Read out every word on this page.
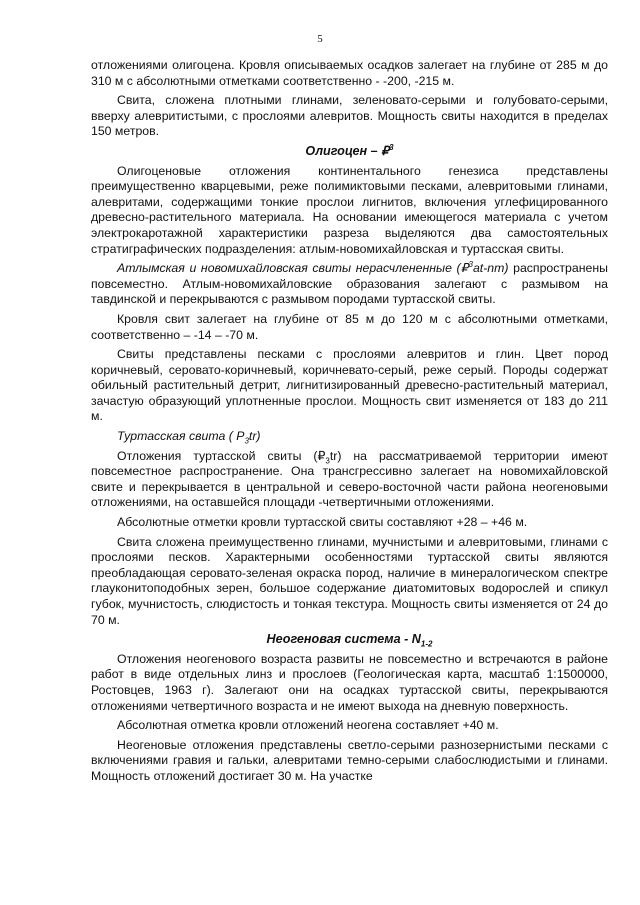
5

отложениями олигоцена. Кровля описываемых осадков залегает на глубине от 285 м до 310 м с абсолютными отметками соответственно - -200, -215 м.

Свита, сложена плотными глинами, зеленовато-серыми и голубовато-серыми, вверху алевритистыми, с прослоями алевритов. Мощность свиты находится в пределах 150 метров.

Олигоцен – ₽$^3$

Олигоценовые отложения континентального генезиса представлены преимущественно кварцевыми, реже полимиктовыми песками, алевритовыми глинами, алевритами, содержащими тонкие прослои лигнитов, включения углефицированного древесно-растительного материала. На основании имеющегося материала с учетом электрокаротажной характеристики разреза выделяются два самостоятельных стратиграфических подразделения: атлым-новомихайловская и туртасская свиты.

Атлымская и новомихайловская свиты нерасчлененные (₽$^3$at-nm) распространены повсеместно. Атлым-новомихайловские образования залегают с размывом на тавдинской и перекрываются с размывом породами туртасской свиты.

Кровля свит залегает на глубине от 85 м до 120 м с абсолютными отметками, соответственно – -14 – -70 м.

Свиты представлены песками с прослоями алевритов и глин. Цвет пород коричневый, серовато-коричневый, коричневато-серый, реже серый. Породы содержат обильный растительный детрит, лигнитизированный древесно-растительный материал, зачастую образующий уплотненные прослои. Мощность свит изменяется от 183 до 211 м.

Туртасская свита ( $Р_3tr$)

Отложения туртасской свиты $(₽_3tr)$ на рассматриваемой территории имеют повсеместное распространение. Она трансгрессивно залегает на новомихайловской свите и перекрывается в центральной и северо-восточной части района неогеновыми отложениями, на оставшейся площади -четвертичными отложениями.

Абсолютные отметки кровли туртасской свиты составляют +28 – +46 м.

Свита сложена преимущественно глинами, мучнистыми и алевритовыми, глинами с прослоями песков. Характерными особенностями туртасской свиты являются преобладающая серовато-зеленая окраска пород, наличие в минералогическом спектре глауконитоподобных зерен, большое содержание диатомитовых водорослей и спикул губок, мучнистость, слюдистость и тонкая текстура. Мощность свиты изменяется от 24 до 70 м.

Неогеновая система - $N_{1-2}$

Отложения неогенового возраста развиты не повсеместно и встречаются в районе работ в виде отдельных линз и прослоев (Геологическая карта, масштаб 1:1500000, Ростовцев, 1963 г). Залегают они на осадках туртасской свиты, перекрываются отложениями четвертичного возраста и не имеют выхода на дневную поверхность.

Абсолютная отметка кровли отложений неогена составляет +40 м.

Неогеновые отложения представлены светло-серыми разнозернистыми песками с включениями гравия и гальки, алевритами темно-серыми слабослюдистыми и глинами. Мощность отложений достигает 30 м. На участке
